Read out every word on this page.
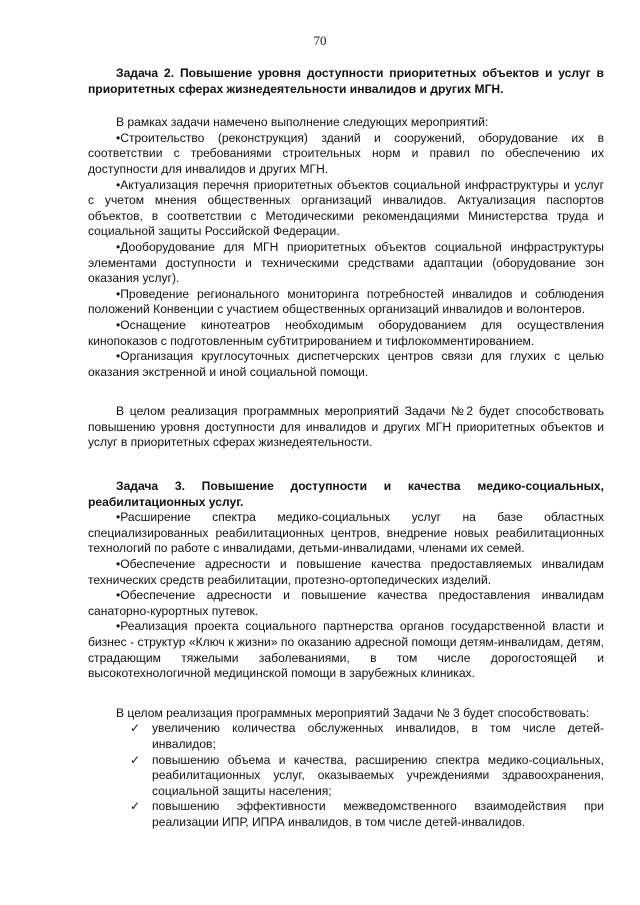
70

Задача 2. Повышение уровня доступности приоритетных объектов и услуг в приоритетных сферах жизнедеятельности инвалидов и других МГН.

В рамках задачи намечено выполнение следующих мероприятий:

•Строительство (реконструкция) зданий и сооружений, оборудование их в соответствии с требованиями строительных норм и правил по обеспечению их доступности для инвалидов и других МГН.

•Актуализация перечня приоритетных объектов социальной инфраструктуры и услуг с учетом мнения общественных организаций инвалидов. Актуализация паспортов объектов, в соответствии с Методическими рекомендациями Министерства труда и социальной защиты Российской Федерации.

•Дооборудование для МГН приоритетных объектов социальной инфраструктуры элементами доступности и техническими средствами адаптации (оборудование зон оказания услуг).

•Проведение регионального мониторинга потребностей инвалидов и соблюдения положений Конвенции с участием общественных организаций инвалидов и волонтеров.

•Оснащение кинотеатров необходимым оборудованием для осуществления кинопоказов с подготовленным субтитрированием и тифлокомментированием.

•Организация круглосуточных диспетчерских центров связи для глухих с целью оказания экстренной и иной социальной помощи.

В целом реализация программных мероприятий Задачи №2 будет способствовать повышению уровня доступности для инвалидов и других МГН приоритетных объектов и услуг в приоритетных сферах жизнедеятельности.

Задача 3. Повышение доступности и качества медико-социальных, реабилитационных услуг.

•Расширение спектра медико-социальных услуг на базе областных специализированных реабилитационных центров, внедрение новых реабилитационных технологий по работе с инвалидами, детьми-инвалидами, членами их семей.

•Обеспечение адресности и повышение качества предоставляемых инвалидам технических средств реабилитации, протезно-ортопедических изделий.

•Обеспечение адресности и повышение качества предоставления инвалидам санаторно-курортных путевок.

•Реализация проекта социального партнерства органов государственной власти и бизнес - структур «Ключ к жизни» по оказанию адресной помощи детям-инвалидам, детям, страдающим тяжелыми заболеваниями, в том числе дорогостоящей и высокотехнологичной медицинской помощи в зарубежных клиниках.

В целом реализация программных мероприятий Задачи № 3 будет способствовать:

✓ увеличению количества обслуженных инвалидов, в том числе детей-инвалидов;
✓ повышению объема и качества, расширению спектра медико-социальных, реабилитационных услуг, оказываемых учреждениями здравоохранения, социальной защиты населения;
✓ повышению эффективности межведомственного взаимодействия при реализации ИПР, ИПРА инвалидов, в том числе детей-инвалидов.
